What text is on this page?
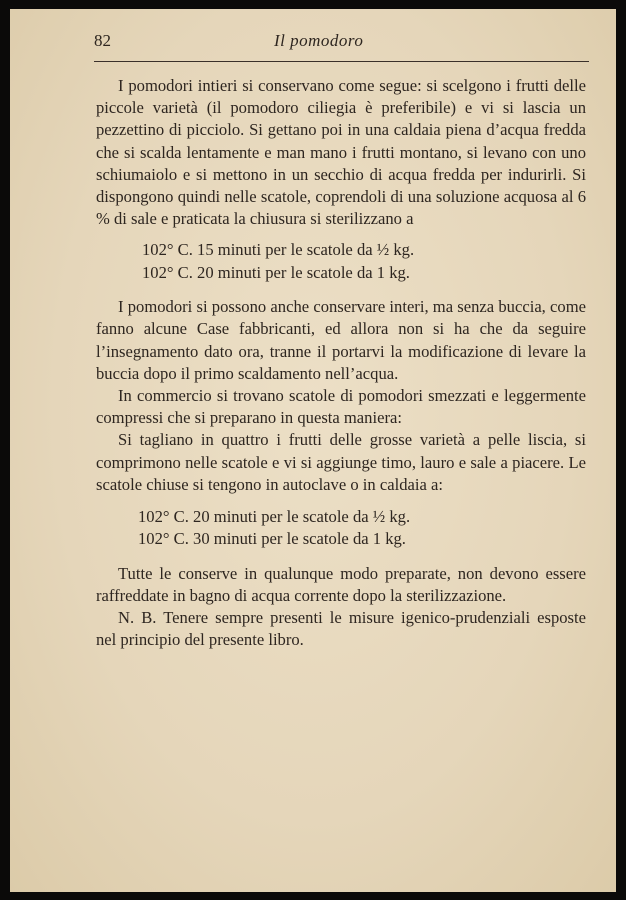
82	Il pomodoro

I pomodori intieri si conservano come segue: si scelgono i frutti delle piccole varietà (il pomodoro ciliegia è preferibile) e vi si lascia un pezzettino di picciolo. Si gettano poi in una caldaia piena d’acqua fredda che si scalda lentamente e man mano i frutti montano, si levano con uno schiumaiolo e si mettono in un secchio di acqua fredda per indurirli. Si dispongono quindi nelle scatole, coprendoli di una soluzione acquosa al 6 % di sale e praticata la chiusura si sterilizzano a

102° C. 15 minuti per le scatole da ½ kg.
102° C. 20 minuti per le scatole da 1 kg.

I pomodori si possono anche conservare interi, ma senza buccia, come fanno alcune Case fabbricanti, ed allora non si ha che da seguire l’insegnamento dato ora, tranne il portarvi la modificazione di levare la buccia dopo il primo scaldamento nell’acqua.

In commercio si trovano scatole di pomodori smezzati e leggermente compressi che si preparano in questa maniera:

Si tagliano in quattro i frutti delle grosse varietà a pelle liscia, si comprimono nelle scatole e vi si aggiunge timo, lauro e sale a piacere. Le scatole chiuse si tengono in autoclave o in caldaia a:

102° C. 20 minuti per le scatole da ½ kg.
102° C. 30 minuti per le scatole da 1 kg.

Tutte le conserve in qualunque modo preparate, non devono essere raffreddate in bagno di acqua corrente dopo la sterilizzazione.

N. B. Tenere sempre presenti le misure igenico-prudenziali esposte nel principio del presente libro.
